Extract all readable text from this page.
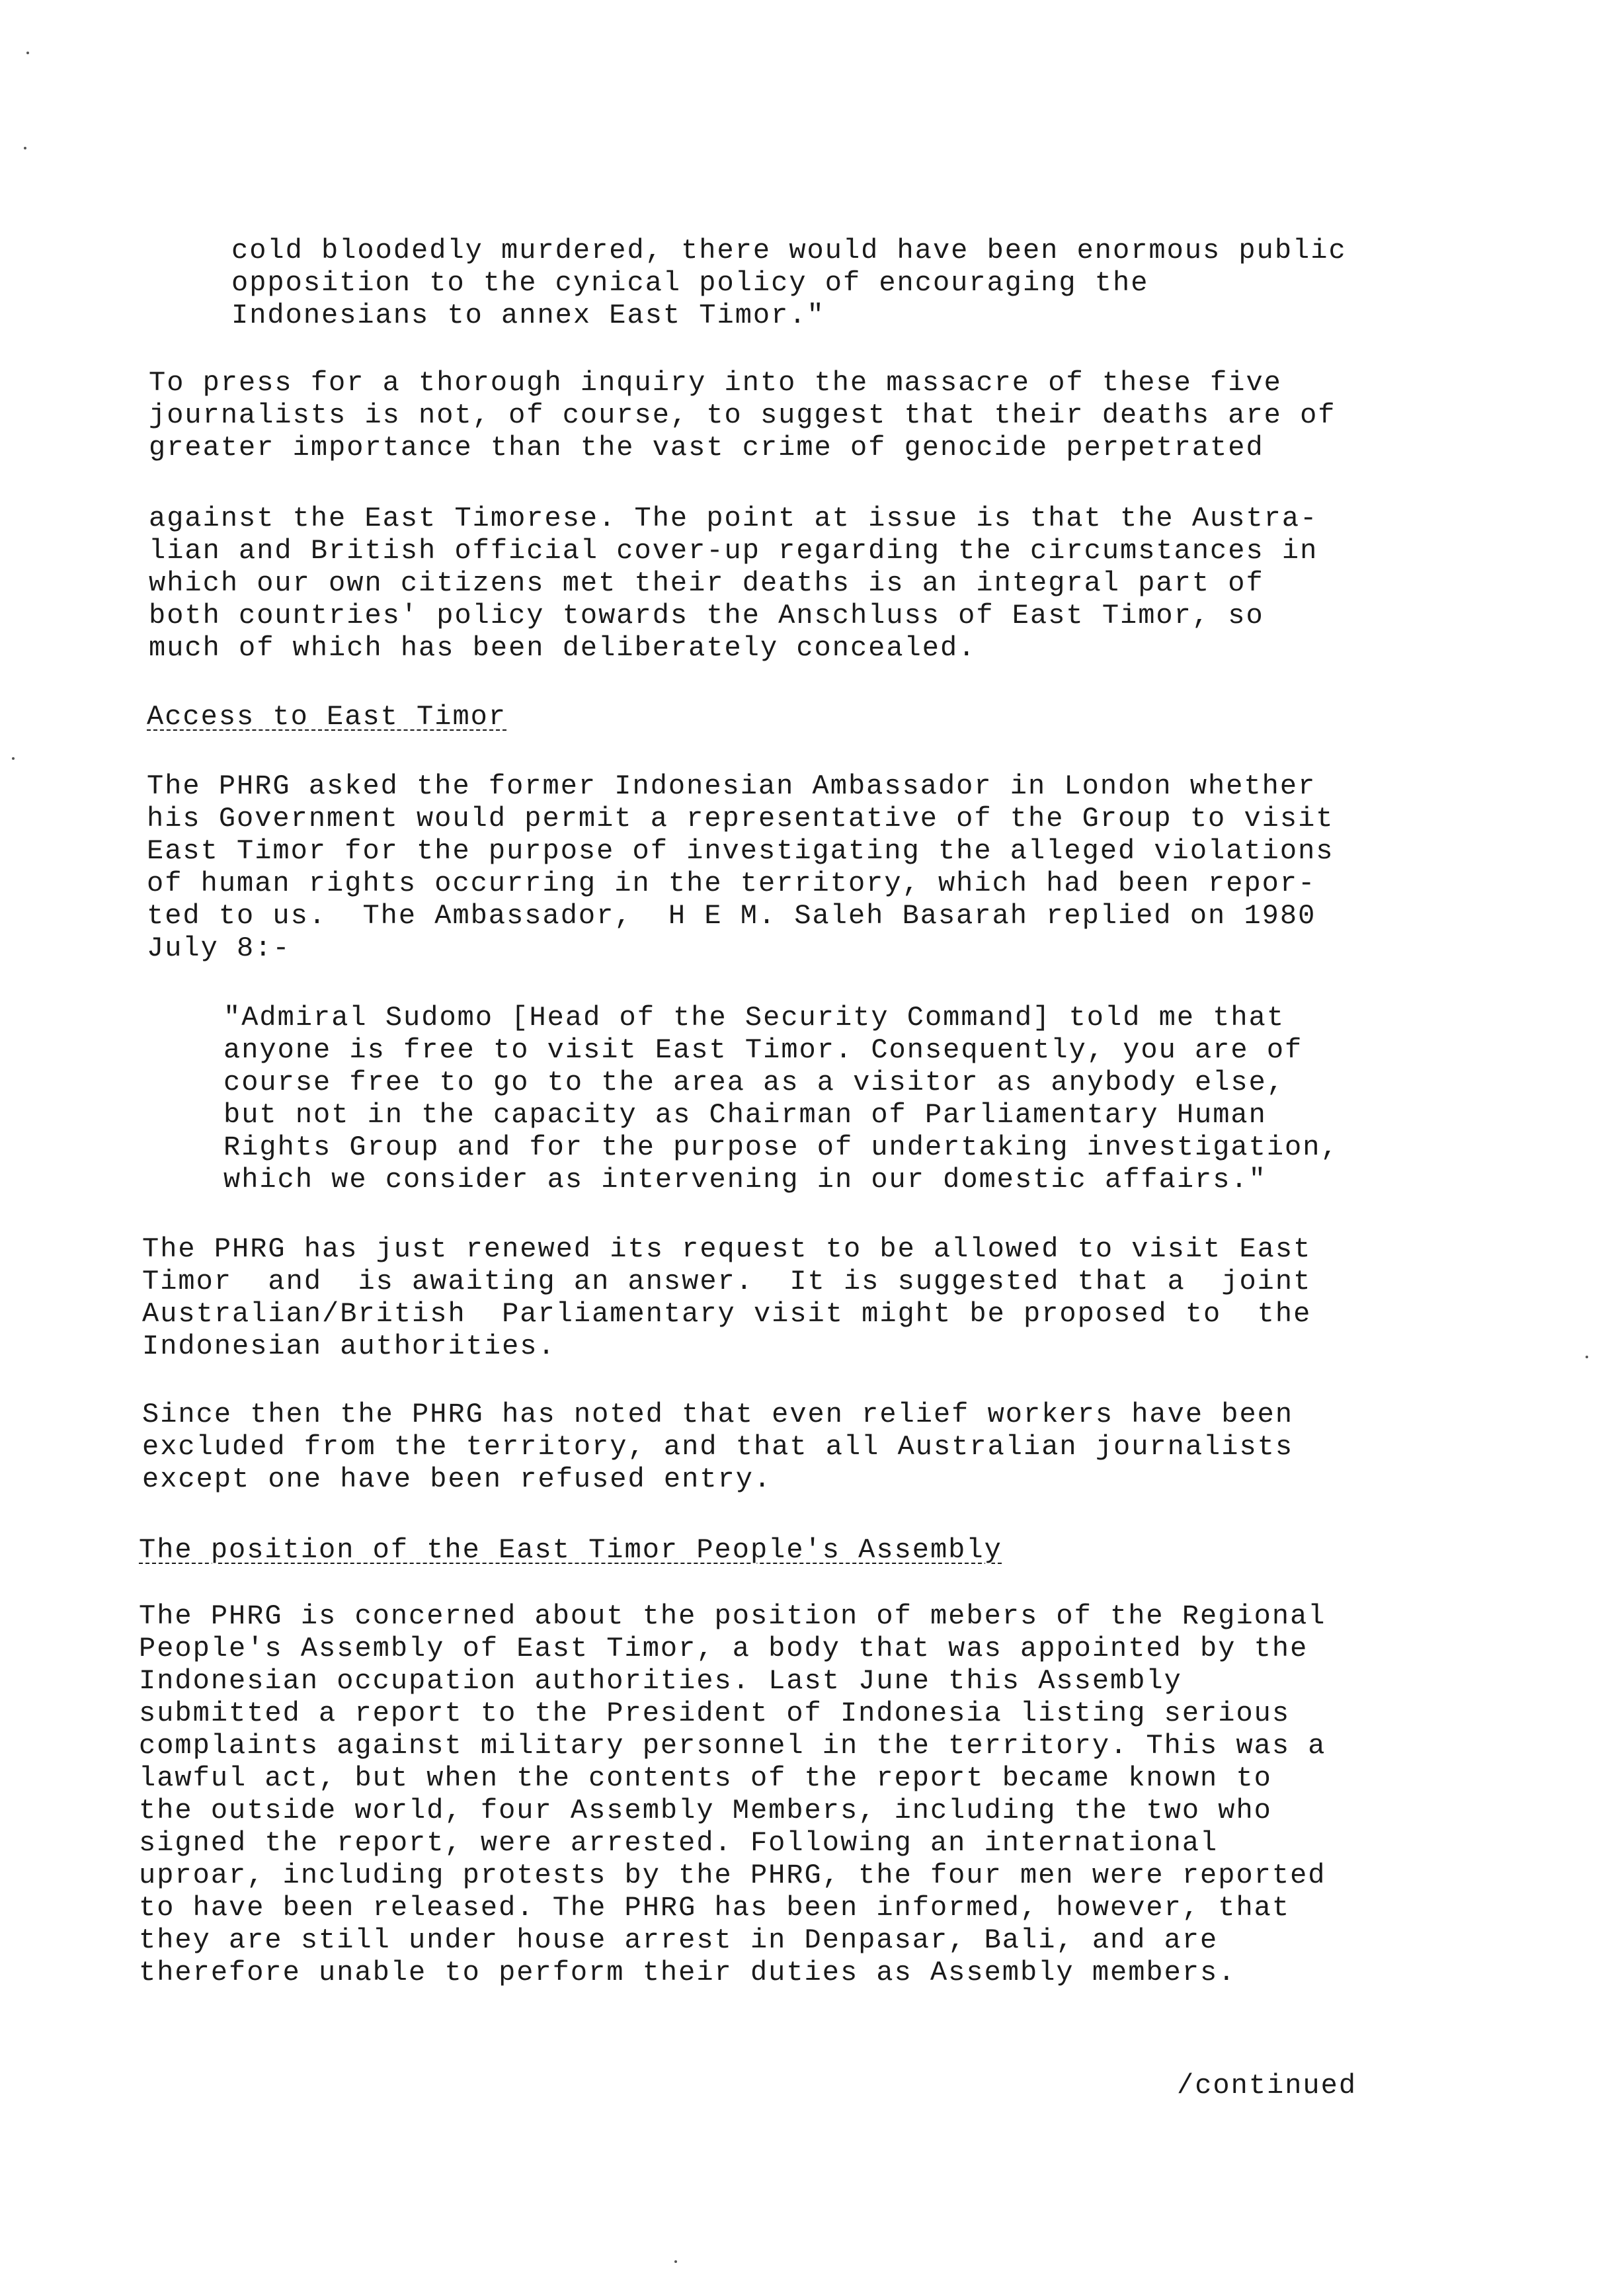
cold bloodedly murdered, there would have been enormous public
opposition to the cynical policy of encouraging the
Indonesians to annex East Timor."
To press for a thorough inquiry into the massacre of these five
journalists is not, of course, to suggest that their deaths are of
greater importance than the vast crime of genocide perpetrated
against the East Timorese. The point at issue is that the Austra-
lian and British official cover-up regarding the circumstances in
which our own citizens met their deaths is an integral part of
both countries' policy towards the Anschluss of East Timor, so
much of which has been deliberately concealed.
Access to East Timor
The PHRG asked the former Indonesian Ambassador in London whether
his Government would permit a representative of the Group to visit
East Timor for the purpose of investigating the alleged violations
of human rights occurring in the territory, which had been repor-
ted to us.  The Ambassador,  H E M. Saleh Basarah replied on 1980
July 8:-
"Admiral Sudomo [Head of the Security Command] told me that
anyone is free to visit East Timor. Consequently, you are of
course free to go to the area as a visitor as anybody else,
but not in the capacity as Chairman of Parliamentary Human
Rights Group and for the purpose of undertaking investigation,
which we consider as intervening in our domestic affairs."
The PHRG has just renewed its request to be allowed to visit East
Timor  and  is awaiting an answer.  It is suggested that a  joint
Australian/British  Parliamentary visit might be proposed to  the
Indonesian authorities.
Since then the PHRG has noted that even relief workers have been
excluded from the territory, and that all Australian journalists
except one have been refused entry.
The position of the East Timor People's Assembly
The PHRG is concerned about the position of mebers of the Regional
People's Assembly of East Timor, a body that was appointed by the
Indonesian occupation authorities. Last June this Assembly
submitted a report to the President of Indonesia listing serious
complaints against military personnel in the territory. This was a
lawful act, but when the contents of the report became known to
the outside world, four Assembly Members, including the two who
signed the report, were arrested. Following an international
uproar, including protests by the PHRG, the four men were reported
to have been released. The PHRG has been informed, however, that
they are still under house arrest in Denpasar, Bali, and are
therefore unable to perform their duties as Assembly members.
/continued
